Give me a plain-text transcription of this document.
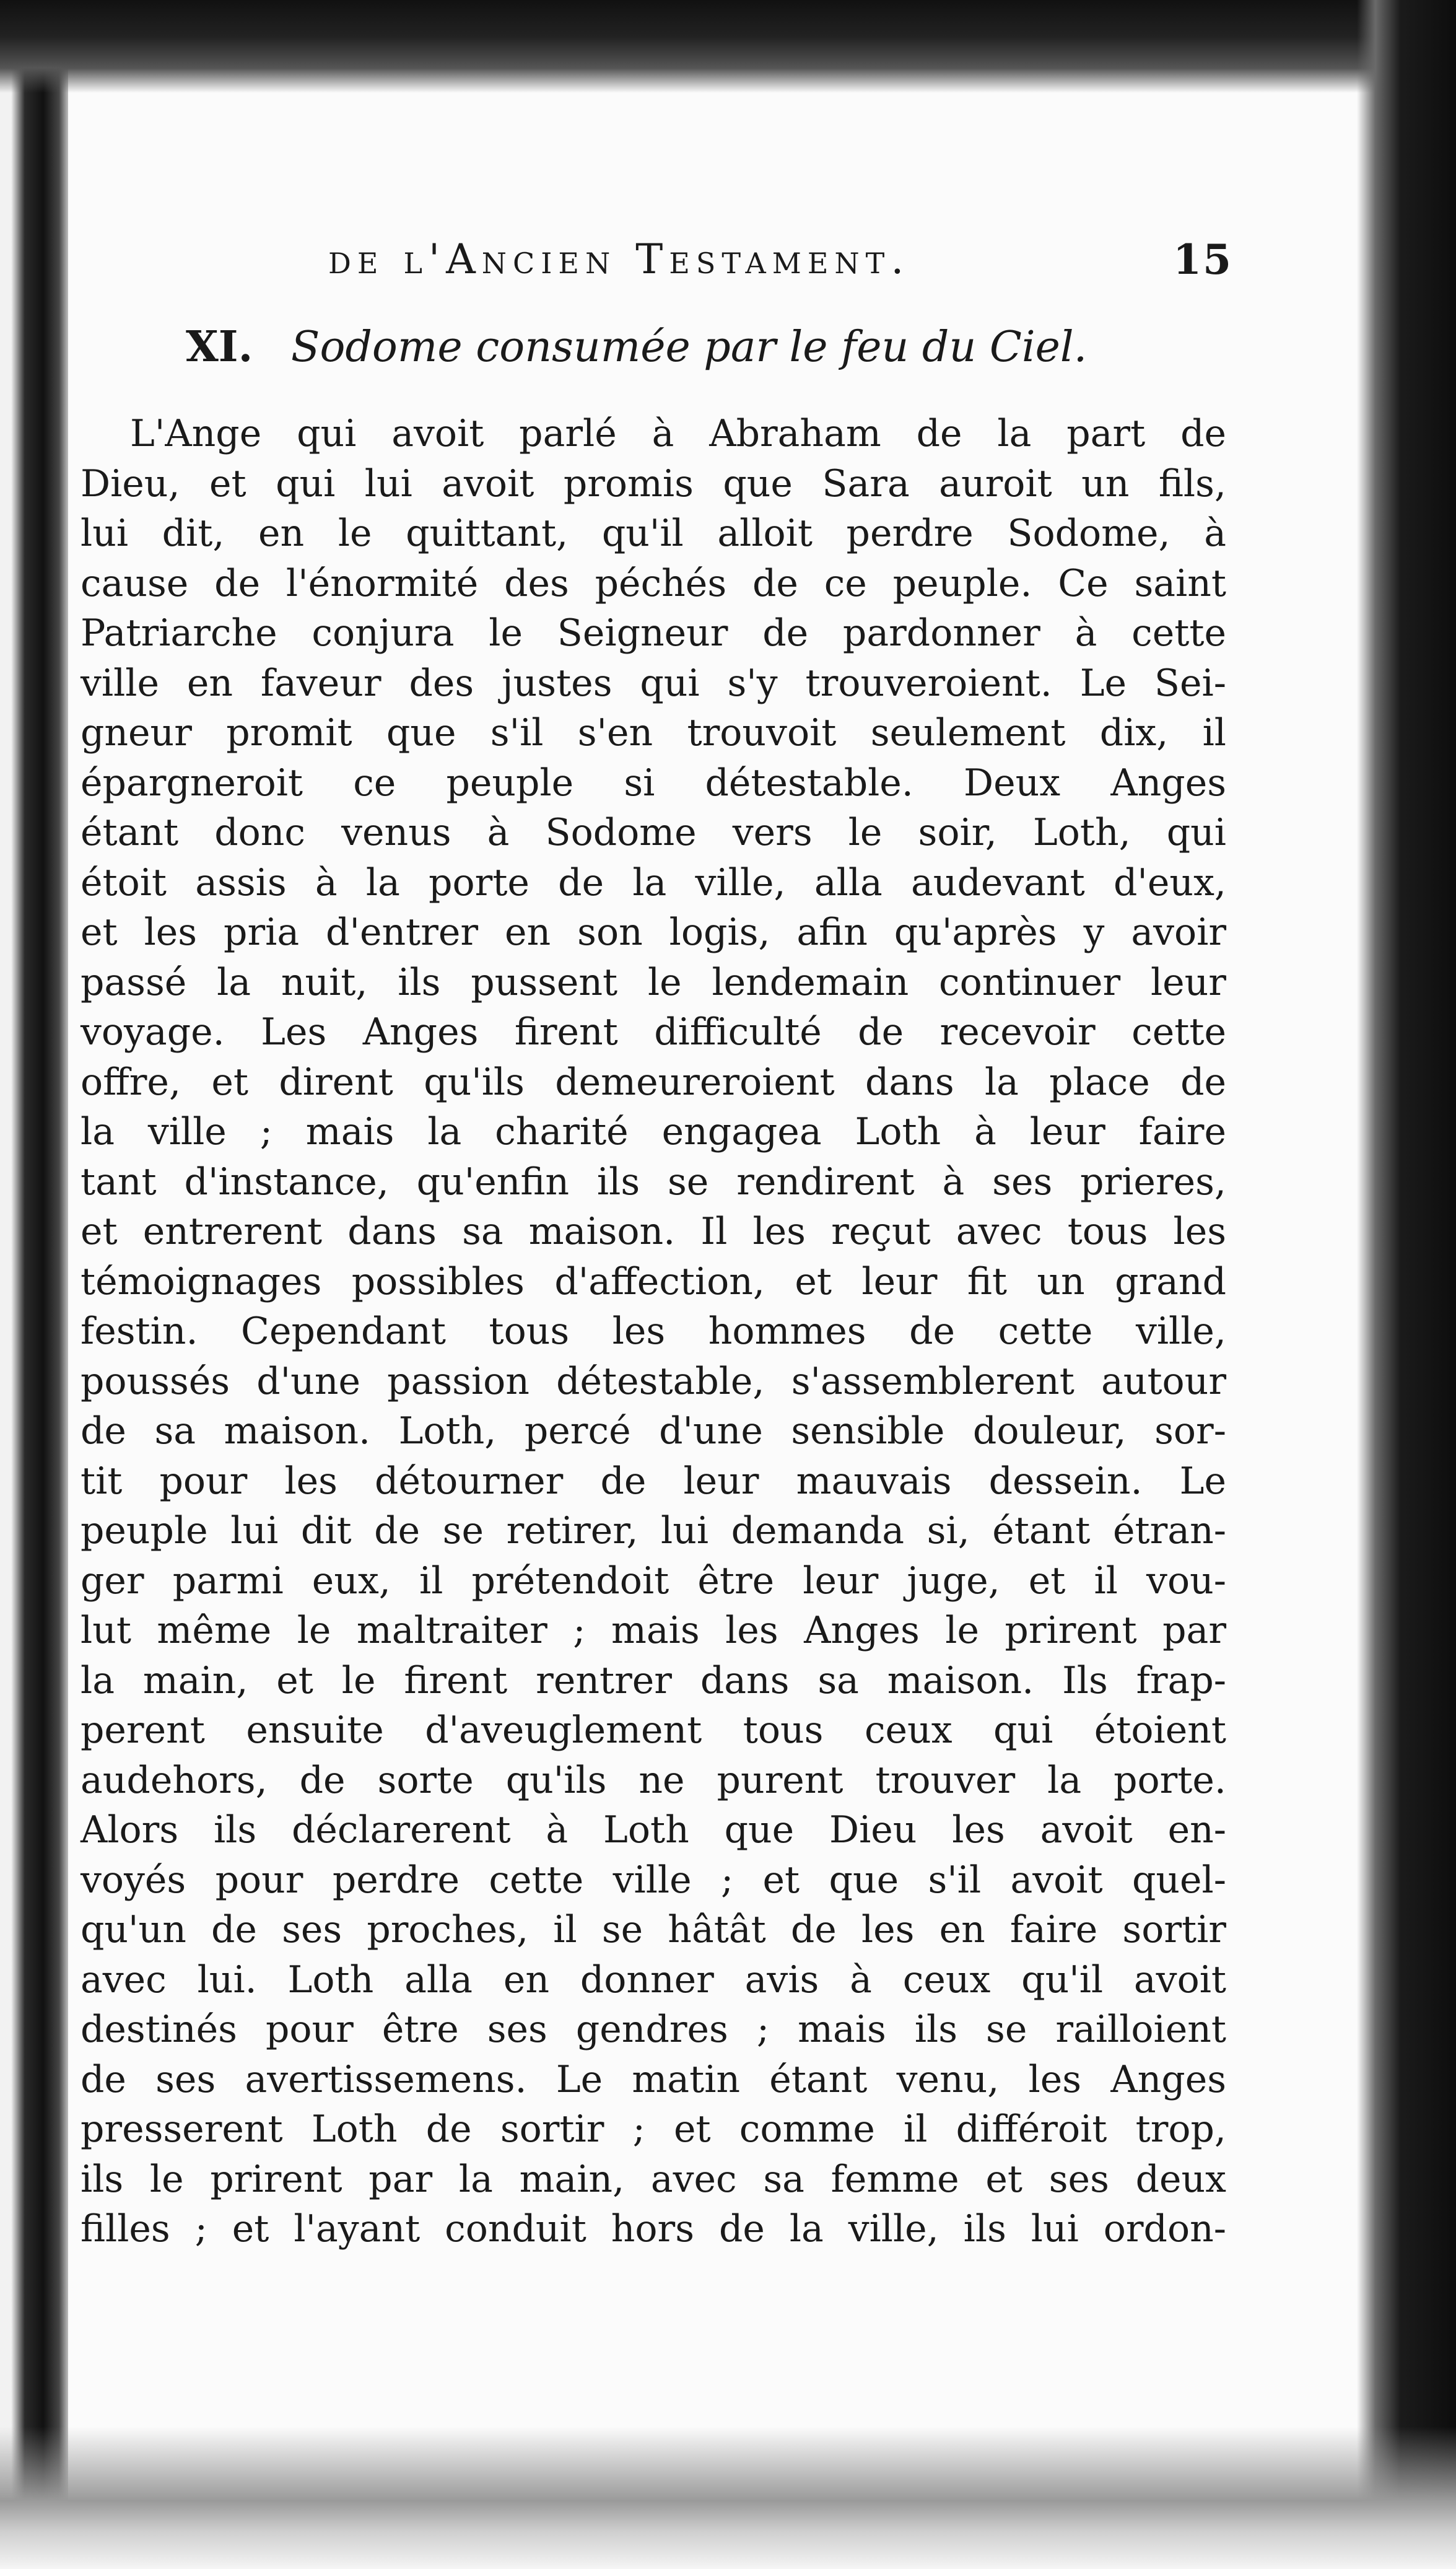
de l'Ancien Testament.	15
XI. Sodome consumée par le feu du Ciel.
L'Ange qui avoit parlé à Abraham de la part de
Dieu, et qui lui avoit promis que Sara auroit un fils,
lui dit, en le quittant, qu'il alloit perdre Sodome, à
cause de l'énormité des péchés de ce peuple. Ce saint
Patriarche conjura le Seigneur de pardonner à cette
ville en faveur des justes qui s'y trouveroient. Le Sei-
gneur promit que s'il s'en trouvoit seulement dix, il
épargneroit ce peuple si détestable. Deux Anges
étant donc venus à Sodome vers le soir, Loth, qui
étoit assis à la porte de la ville, alla audevant d'eux,
et les pria d'entrer en son logis, afin qu'après y avoir
passé la nuit, ils pussent le lendemain continuer leur
voyage. Les Anges firent difficulté de recevoir cette
offre, et dirent qu'ils demeureroient dans la place de
la ville ; mais la charité engagea Loth à leur faire
tant d'instance, qu'enfin ils se rendirent à ses prieres,
et entrerent dans sa maison. Il les reçut avec tous les
témoignages possibles d'affection, et leur fit un grand
festin. Cependant tous les hommes de cette ville,
poussés d'une passion détestable, s'assemblerent autour
de sa maison. Loth, percé d'une sensible douleur, sor-
tit pour les détourner de leur mauvais dessein. Le
peuple lui dit de se retirer, lui demanda si, étant étran-
ger parmi eux, il prétendoit être leur juge, et il vou-
lut même le maltraiter ; mais les Anges le prirent par
la main, et le firent rentrer dans sa maison. Ils frap-
perent ensuite d'aveuglement tous ceux qui étoient
audehors, de sorte qu'ils ne purent trouver la porte.
Alors ils déclarerent à Loth que Dieu les avoit en-
voyés pour perdre cette ville ; et que s'il avoit quel-
qu'un de ses proches, il se hâtât de les en faire sortir
avec lui. Loth alla en donner avis à ceux qu'il avoit
destinés pour être ses gendres ; mais ils se railloient
de ses avertissemens. Le matin étant venu, les Anges
presserent Loth de sortir ; et comme il différoit trop,
ils le prirent par la main, avec sa femme et ses deux
filles ; et l'ayant conduit hors de la ville, ils lui ordon-
